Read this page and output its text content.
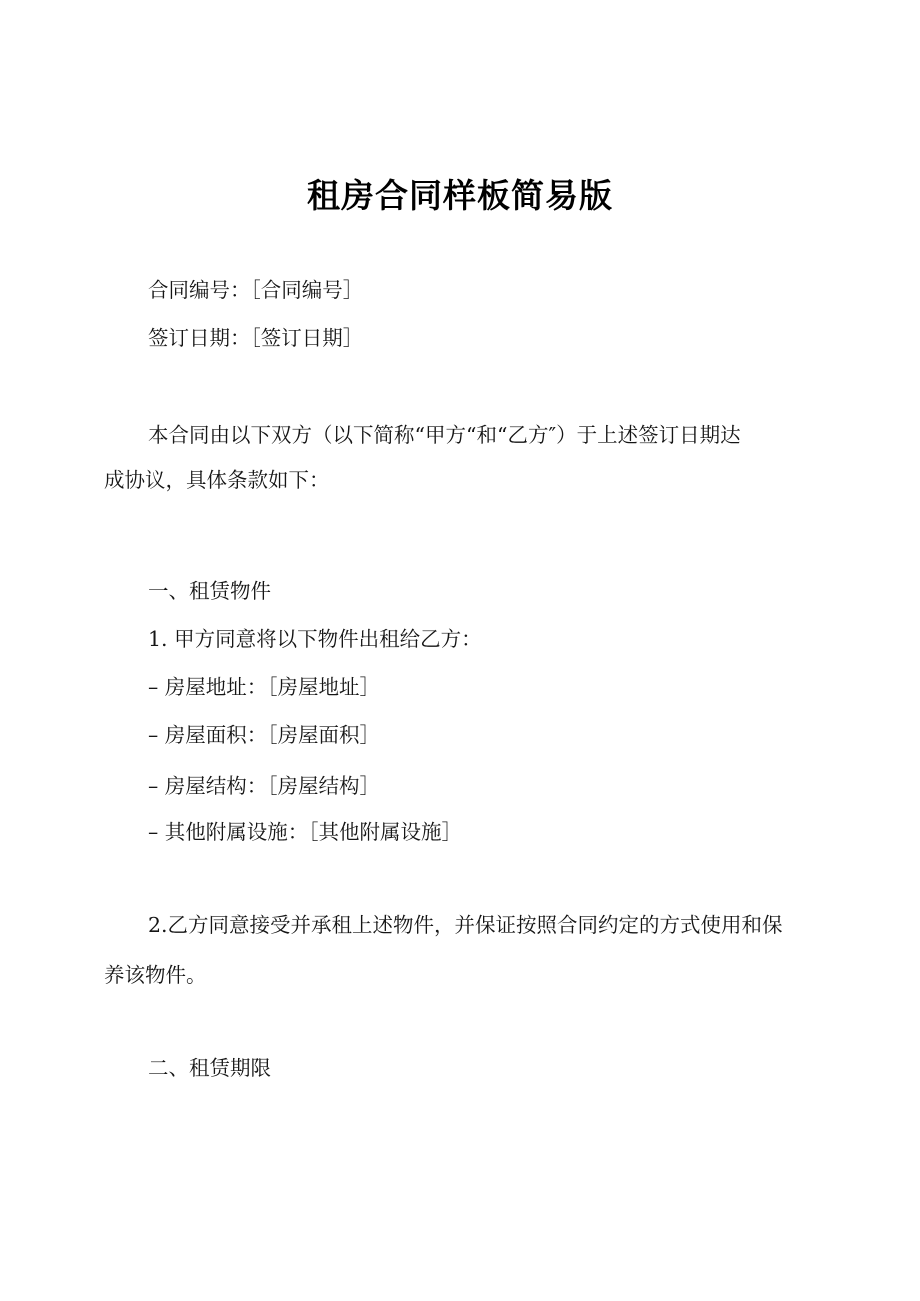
租房合同样板简易版
合同编号：［合同编号］
签订日期：［签订日期］
本合同由以下双方（以下简称“甲方“和“乙方″）于上述签订日期达
成协议，具体条款如下：
一、租赁物件
1. 甲方同意将以下物件出租给乙方：
– 房屋地址：［房屋地址］
– 房屋面积：［房屋面积］
– 房屋结构：［房屋结构］
– 其他附属设施：［其他附属设施］
2.乙方同意接受并承租上述物件，并保证按照合同约定的方式使用和保
养该物件。
二、租赁期限
